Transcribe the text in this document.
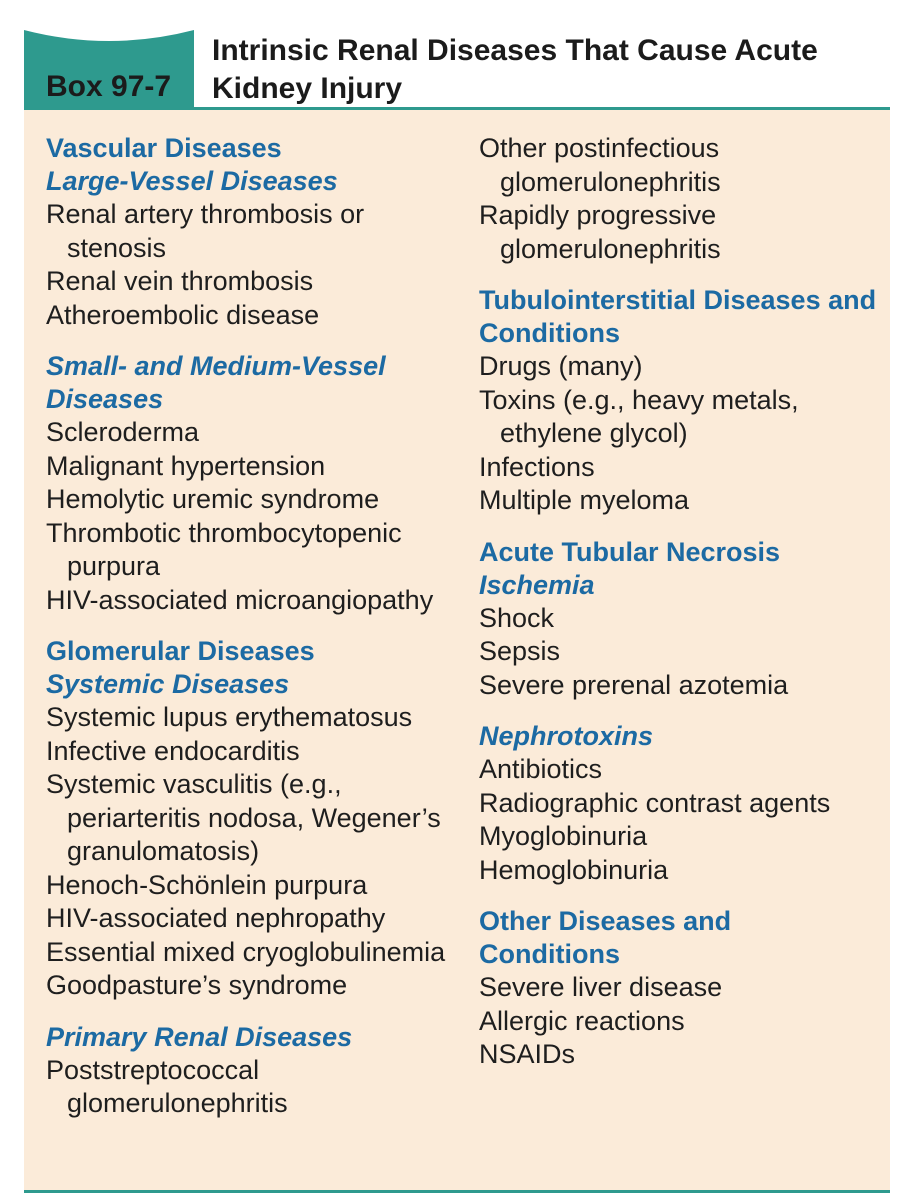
Box 97-7
Intrinsic Renal Diseases That Cause Acute
Kidney Injury
Vascular Diseases
Large-Vessel Diseases
Renal artery thrombosis or stenosis
Renal vein thrombosis
Atheroembolic disease
Small- and Medium-Vessel Diseases
Scleroderma
Malignant hypertension
Hemolytic uremic syndrome
Thrombotic thrombocytopenic purpura
HIV-associated microangiopathy
Glomerular Diseases
Systemic Diseases
Systemic lupus erythematosus
Infective endocarditis
Systemic vasculitis (e.g., periarteritis nodosa, Wegener’s granulomatosis)
Henoch-Schönlein purpura
HIV-associated nephropathy
Essential mixed cryoglobulinemia
Goodpasture’s syndrome
Primary Renal Diseases
Poststreptococcal glomerulonephritis
Other postinfectious glomerulonephritis
Rapidly progressive glomerulonephritis
Tubulointerstitial Diseases and Conditions
Drugs (many)
Toxins (e.g., heavy metals, ethylene glycol)
Infections
Multiple myeloma
Acute Tubular Necrosis
Ischemia
Shock
Sepsis
Severe prerenal azotemia
Nephrotoxins
Antibiotics
Radiographic contrast agents
Myoglobinuria
Hemoglobinuria
Other Diseases and Conditions
Severe liver disease
Allergic reactions
NSAIDs
